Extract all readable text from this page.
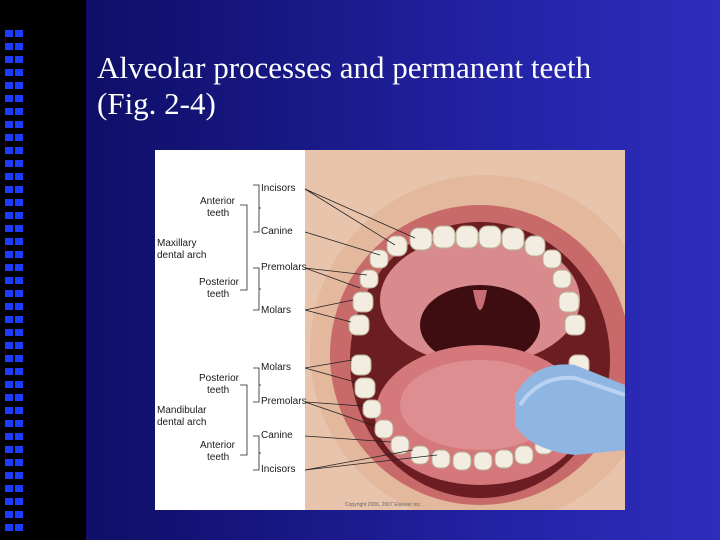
Alveolar processes and permanent teeth
(Fig. 2-4)
Incisors
Canine
Premolars
Molars
Molars
Premolars
Canine
Incisors
Anterior
teeth
Maxillary
dental arch
Posterior
teeth
Posterior
teeth
Mandibular
dental arch
Anterior
teeth
Copyright 2006, 2007 Elsevier Inc.
